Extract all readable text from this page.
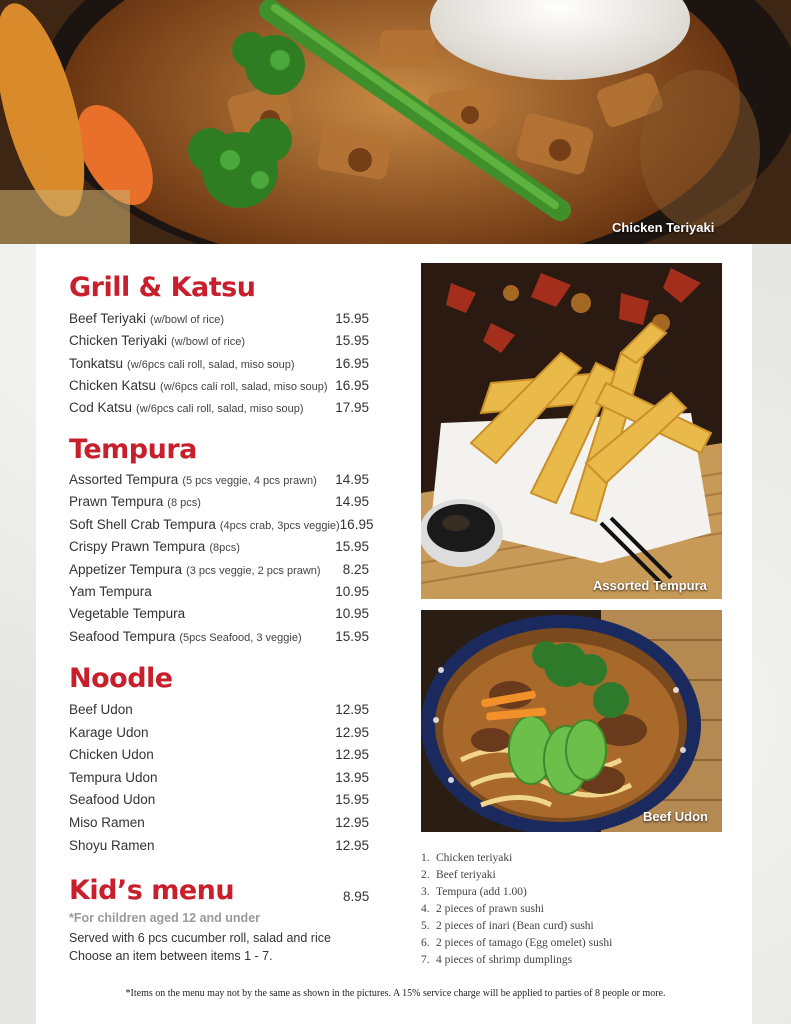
Chicken Teriyaki
Grill & Katsu
Beef Teriyaki (w/bowl of rice)	15.95
Chicken Teriyaki (w/bowl of rice)	15.95
Tonkatsu (w/6pcs cali roll, salad, miso soup)	16.95
Chicken Katsu (w/6pcs cali roll, salad, miso soup) 16.95
Cod Katsu (w/6pcs cali roll, salad, miso soup) 17.95
Tempura
Assorted Tempura (5 pcs veggie, 4 pcs prawn) 14.95
Prawn Tempura (8 pcs)	14.95
Soft Shell Crab Tempura (4pcs crab, 3pcs veggie) 16.95
Crispy Prawn Tempura (8pcs)	15.95
Appetizer Tempura (3 pcs veggie, 2 pcs prawn) 8.25
Yam Tempura	10.95
Vegetable Tempura	10.95
Seafood Tempura (5pcs Seafood, 3 veggie) 15.95
Noodle
Beef Udon	12.95
Karage Udon	12.95
Chicken Udon	12.95
Tempura Udon	13.95
Seafood Udon	15.95
Miso Ramen	12.95
Shoyu Ramen	12.95
Kid’s menu	8.95
*For children aged 12 and under
Served with 6 pcs cucumber roll, salad and rice
Choose an item between items 1 - 7.
Assorted Tempura
Beef Udon
1. Chicken teriyaki
2. Beef teriyaki
3. Tempura (add 1.00)
4. 2 pieces of prawn sushi
5. 2 pieces of inari (Bean curd) sushi
6. 2 pieces of tamago (Egg omelet) sushi
7. 4 pieces of shrimp dumplings
*Items on the menu may not by the same as shown in the pictures. A 15% service charge will be applied to parties of 8 people or more.
